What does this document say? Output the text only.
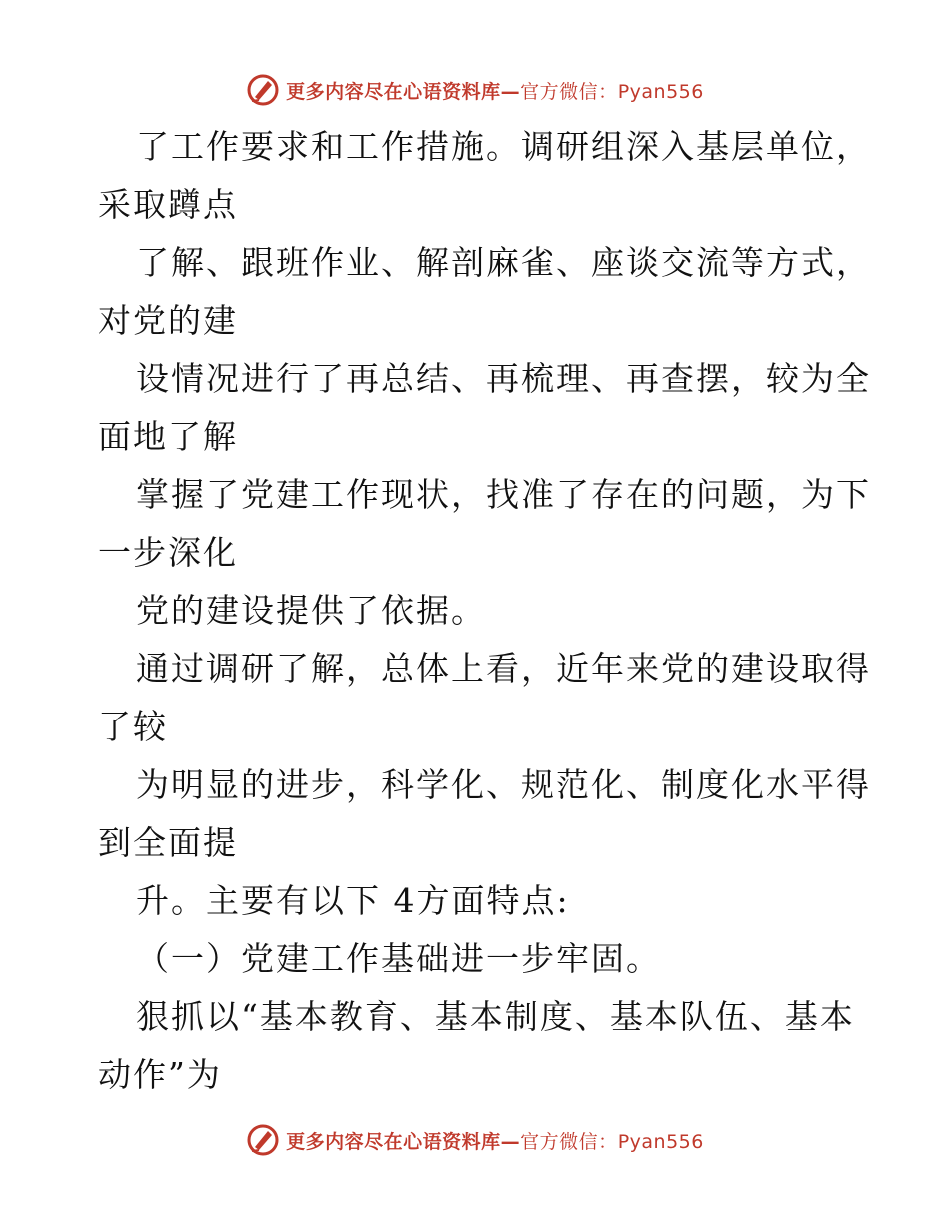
更多内容尽在心语资料库—官方微信：Pyan556
了工作要求和工作措施。调研组深入基层单位，
采取蹲点
了解、跟班作业、解剖麻雀、座谈交流等方式，
对党的建
设情况进行了再总结、再梳理、再查摆，较为全
面地了解
掌握了党建工作现状，找准了存在的问题，为下
一步深化
党的建设提供了依据。
通过调研了解，总体上看，近年来党的建设取得
了较
为明显的进步，科学化、规范化、制度化水平得
到全面提
升。主要有以下 4方面特点:
（一）党建工作基础进一步牢固。
狠抓以“基本教育、基本制度、基本队伍、基本
动作”为
更多内容尽在心语资料库—官方微信：Pyan556
